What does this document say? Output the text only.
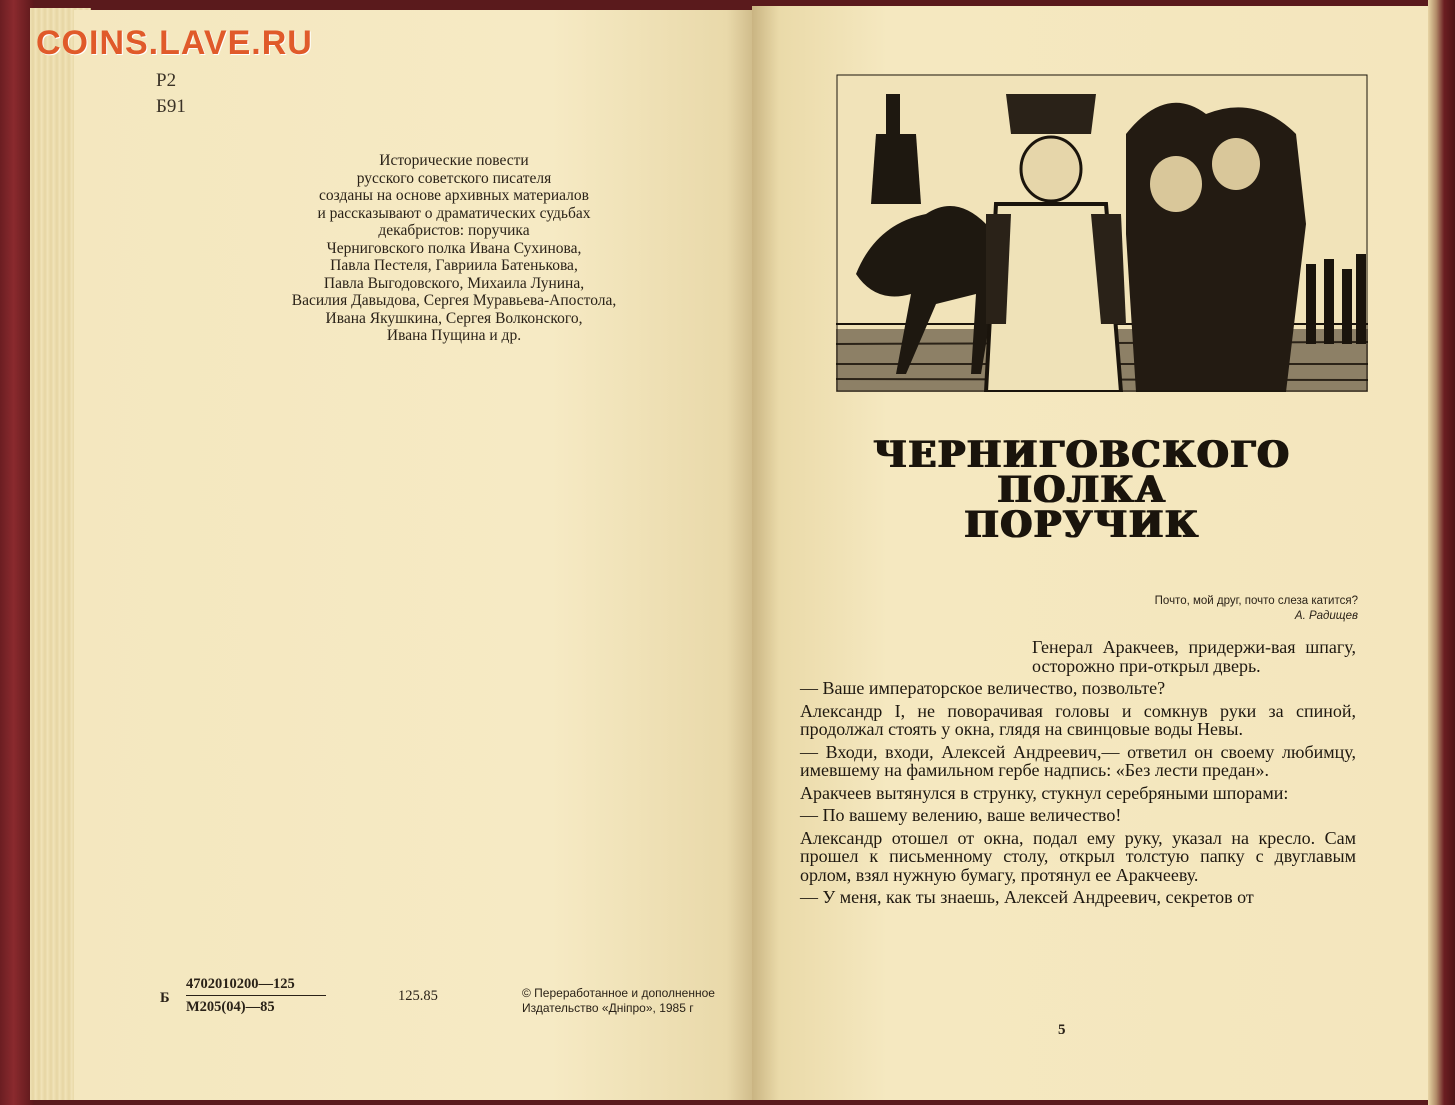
Р2
Б91
Исторические повести
русского советского писателя
созданы на основе архивных материалов
и рассказывают о драматических судьбах
декабристов: поручика
Черниговского полка Ивана Сухинова,
Павла Пестеля, Гавриила Батенькова,
Павла Выгодовского, Михаила Лунина,
Василия Давыдова, Сергея Муравьева-Апостола,
Ивана Якушкина, Сергея Волконского,
Ивана Пущина и др.
Б
4702010200—125
М205(04)—85
125.85	© Переработанное и дополненное
Издательство «Дніпро», 1985 г
ЧЕРНИГОВСКОГО
ПОЛКА
ПОРУЧИК
Почто, мой друг, почто слеза катится?
А. Радищев

Генерал Аракчеев, придержи-вая шпагу, осторожно при-открыл дверь.

— Ваше императорское величество, позвольте?

Александр I, не поворачивая головы и сомкнув руки за спиной, продолжал стоять у окна, глядя на свинцовые воды Невы.

— Входи, входи, Алексей Андреевич,— ответил он своему любимцу, имевшему на фамильном гербе надпись: «Без лести предан».

Аракчеев вытянулся в струнку, стукнул серебряными шпорами:

— По вашему велению, ваше величество!

Александр отошел от окна, подал ему руку, указал на кресло. Сам прошел к письменному столу, открыл толстую папку с двуглавым орлом, взял нужную бумагу, протянул ее Аракчееву.

— У меня, как ты знаешь, Алексей Андреевич, секретов от

5
COINS.LAVE.RU
